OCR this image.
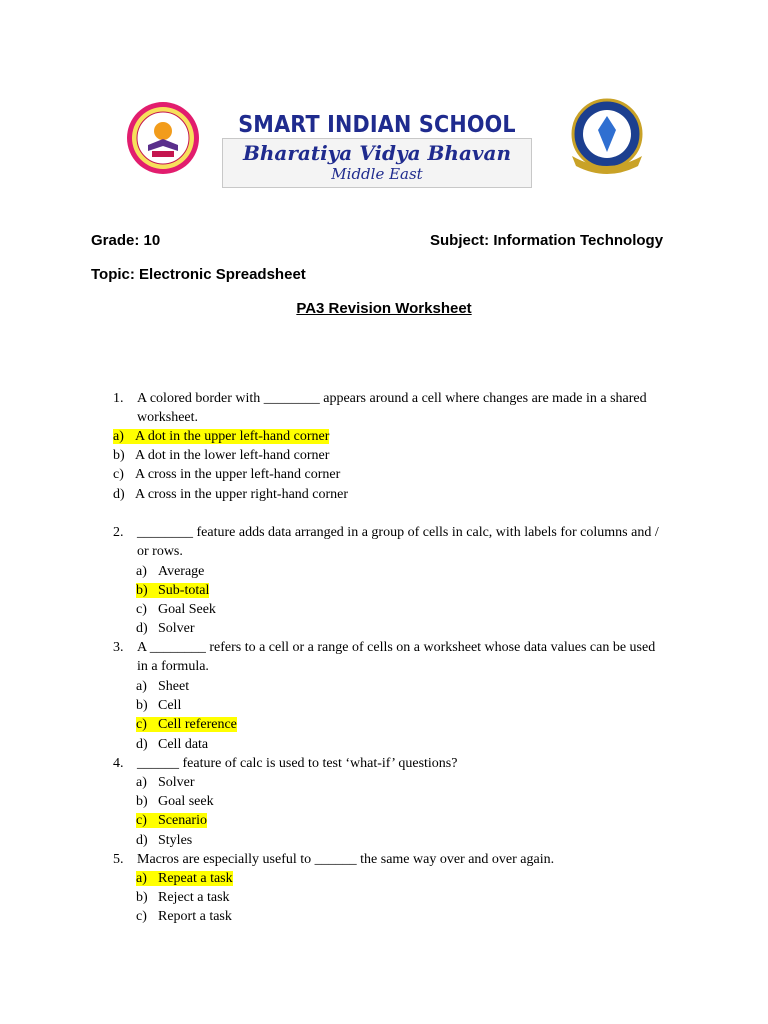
SMART INDIAN SCHOOL
Bharatiya Vidya Bhavan
Middle East
Grade: 10	Subject: Information Technology
Topic: Electronic Spreadsheet
PA3 Revision Worksheet
1. A colored border with ________ appears around a cell where changes are made in a shared worksheet.
a) A dot in the upper left-hand corner
b) A dot in the lower left-hand corner
c) A cross in the upper left-hand corner
d) A cross in the upper right-hand corner
2. ________ feature adds data arranged in a group of cells in calc, with labels for columns and / or rows.
a) Average
b) Sub-total
c) Goal Seek
d) Solver
3. A ________ refers to a cell or a range of cells on a worksheet whose data values can be used in a formula.
a) Sheet
b) Cell
c) Cell reference
d) Cell data
4. ______ feature of calc is used to test ‘what-if’ questions?
a) Solver
b) Goal seek
c) Scenario
d) Styles
5. Macros are especially useful to ______ the same way over and over again.
a) Repeat a task
b) Reject a task
c) Report a task
